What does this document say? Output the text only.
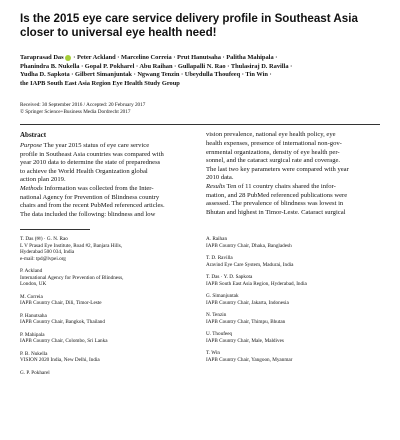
Is the 2015 eye care service delivery profile in Southeast Asia
closer to universal eye health need!
Taraprasad Das · Peter Ackland · Marcelino Correia · Prut Hanutsaha · Palitha Mahipala ·
Phanindra B. Nukella · Gopal P. Pokharel · Abu Raihan · Gullapalli N. Rao · Thulasiraj D. Ravilla ·
Yudha D. Sapkota · Gilbert Simanjuntak · Ngwang Tenzin · Ubeydulla Thoufeeq · Tin Win ·
the IAPB South East Asia Region Eye Health Study Group

Received: 30 September 2016 / Accepted: 20 February 2017
© Springer Science+Business Media Dordrecht 2017

Abstract
Purpose The year 2015 status of eye care service
profile in Southeast Asia countries was compared with
year 2010 data to determine the state of preparedness
to achieve the World Health Organization global
action plan 2019.
Methods Information was collected from the Inter-
national Agency for Prevention of Blindness country
chairs and from the recent PubMed referenced articles.
The data included the following: blindness and low
vision prevalence, national eye health policy, eye
health expenses, presence of international non-gov-
ernmental organizations, density of eye health per-
sonnel, and the cataract surgical rate and coverage.
The last two key parameters were compared with year
2010 data.
Results Ten of 11 country chairs shared the infor-
mation, and 28 PubMed referenced publications were
assessed. The prevalence of blindness was lowest in
Bhutan and highest in Timor-Leste. Cataract surgical
T. Das (✉) · G. N. Rao
L V Prasad Eye Institute, Road #2, Banjara Hills,
Hyderabad 500 034, India
e-mail: tpd@lvpei.org
P. Ackland
International Agency for Prevention of Blindness,
London, UK
M. Correia
IAPB Country Chair, Dili, Timor-Leste
P. Hanutsaha
IAPB Country Chair, Bangkok, Thailand
P. Mahipala
IAPB Country Chair, Colombo, Sri Lanka
P. B. Nukella
VISION 2020 India, New Delhi, India
G. P. Pokharel
A. Raihan
IAPB Country Chair, Dhaka, Bangladesh
T. D. Ravilla
Aravind Eye Care System, Madurai, India
T. Das · Y. D. Sapkota
IAPB South East Asia Region, Hyderabad, India
G. Simanjuntak
IAPB Country Chair, Jakarta, Indonesia
N. Tenzin
IAPB Country Chair, Thimpu, Bhutan
U. Thoufeeq
IAPB Country Chair, Male, Maldives
T. Win
IAPB Country Chair, Yangoon, Myanmar
